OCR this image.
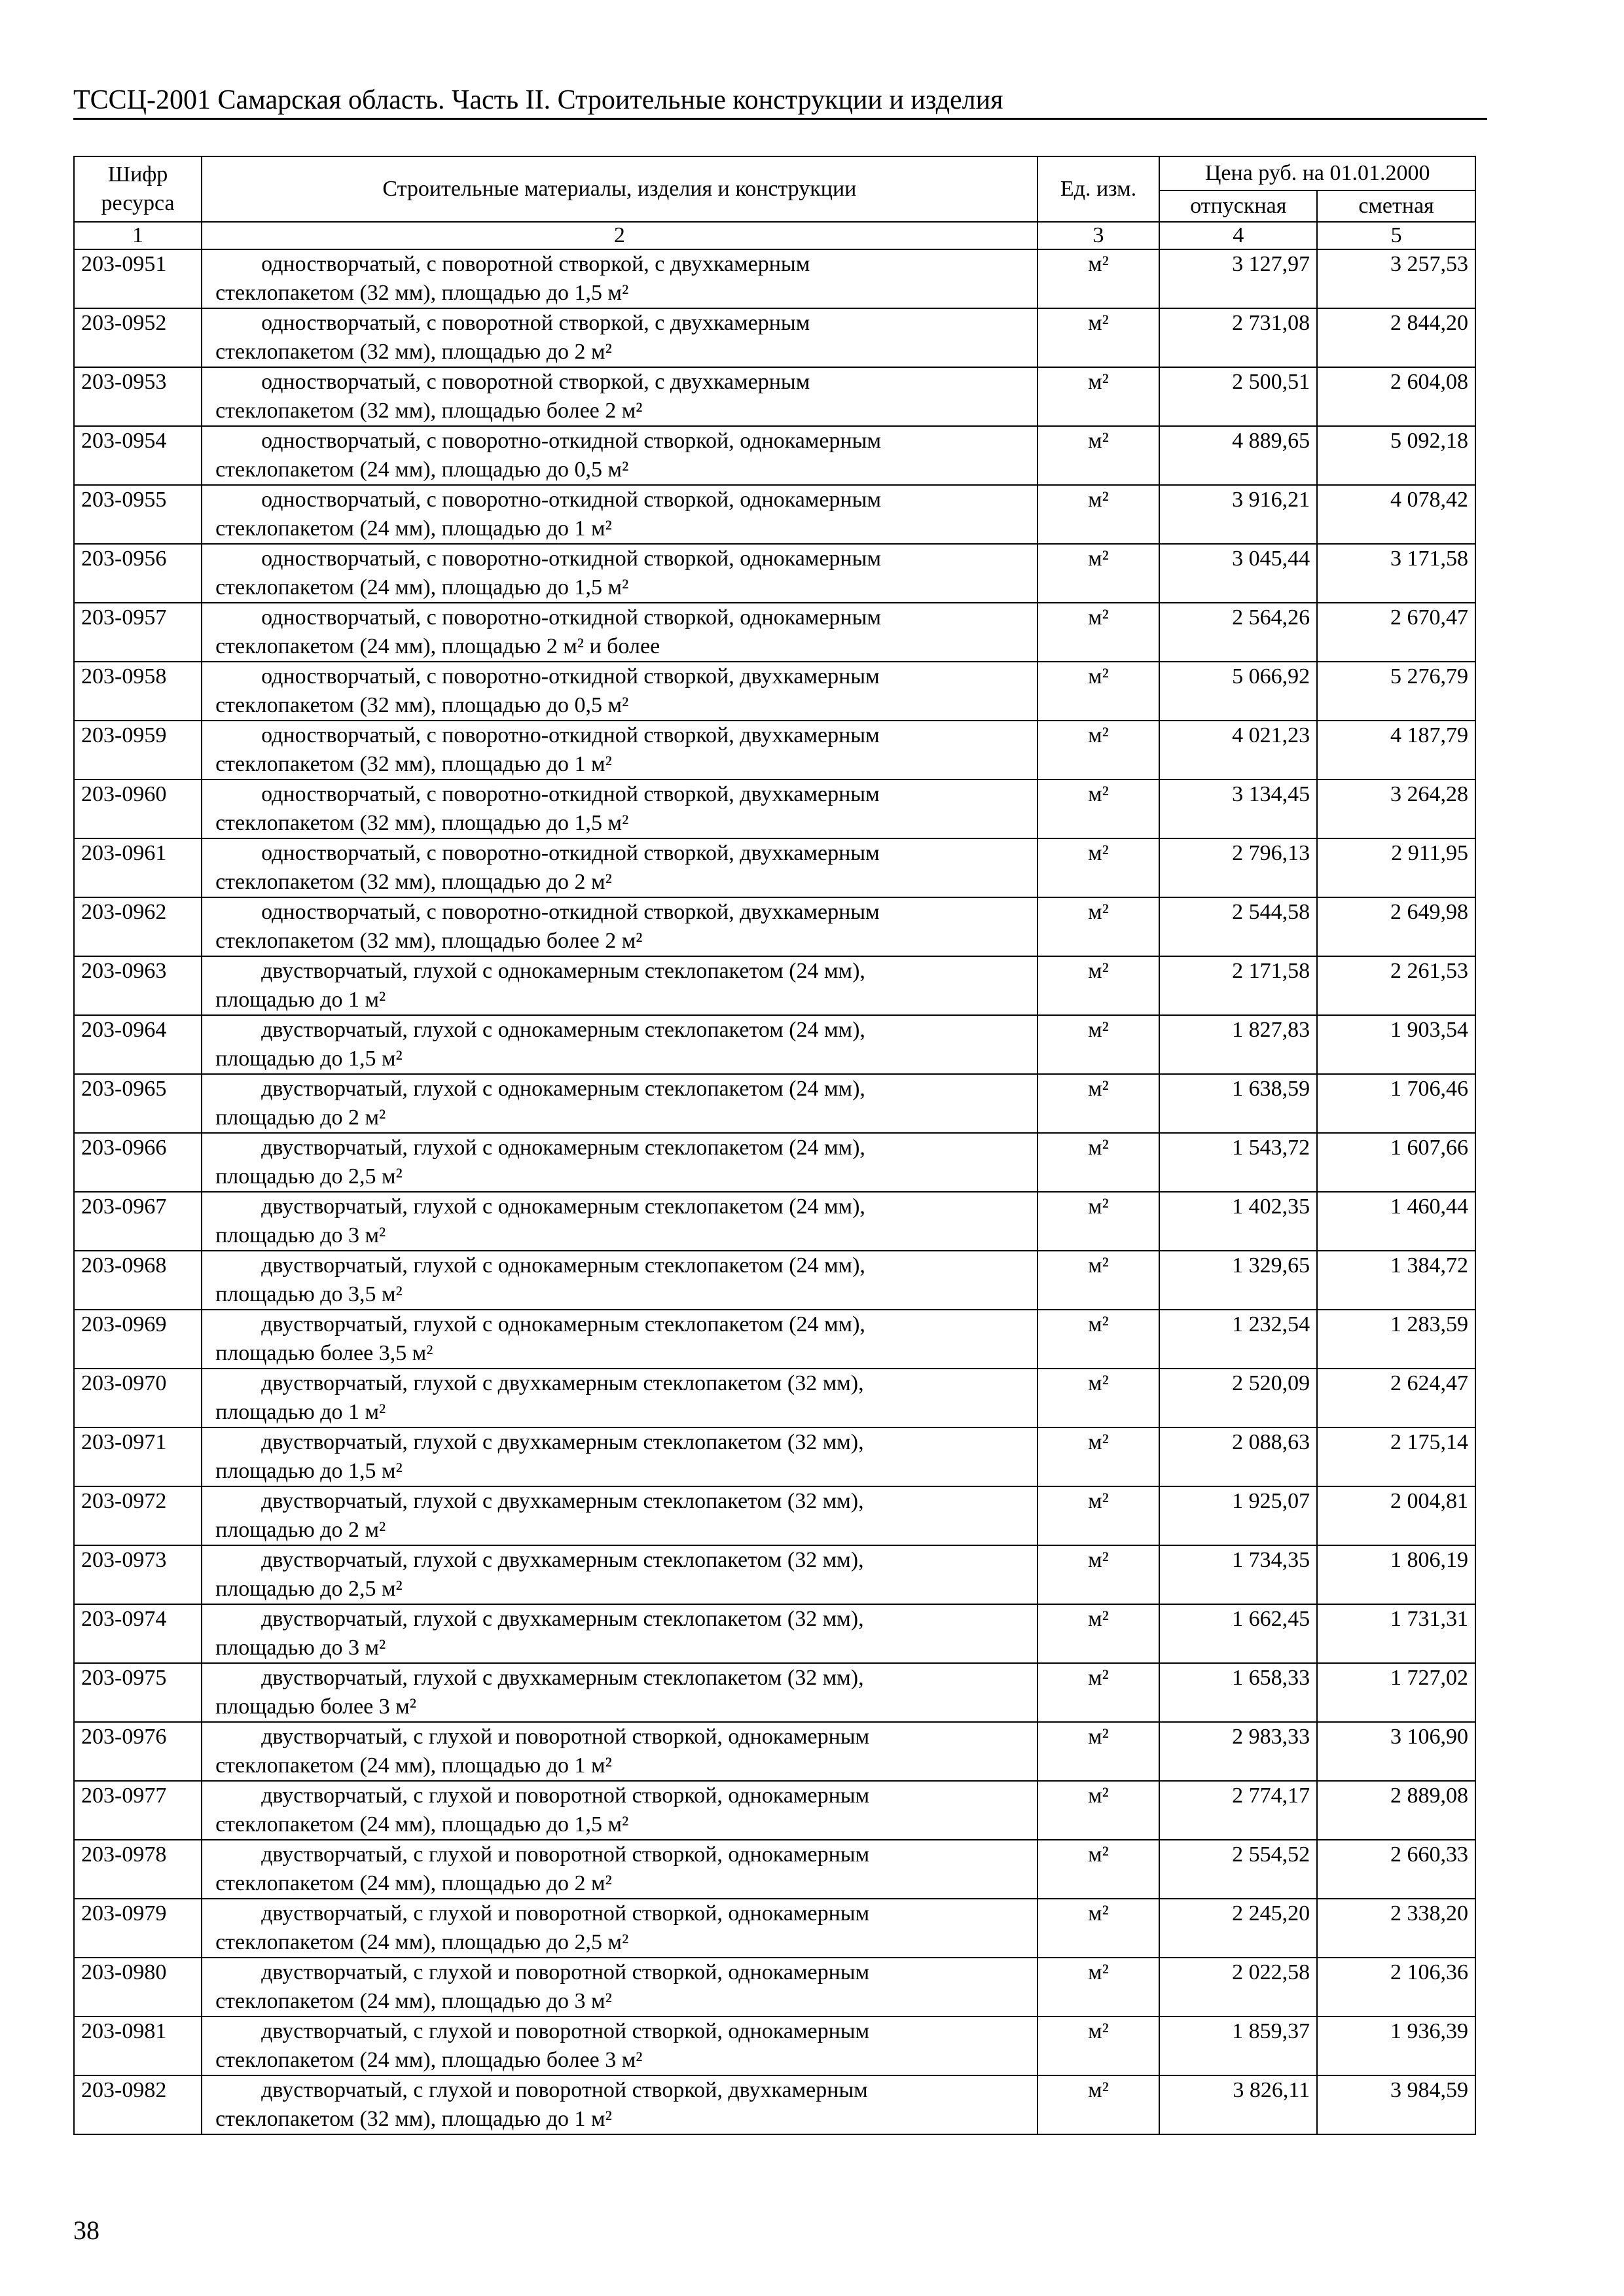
ТССЦ-2001 Самарская область. Часть II. Строительные конструкции и изделия
Шифр ресурса	Строительные материалы, изделия и конструкции	Ед. изм.	Цена руб. на 01.01.2000	
			отпускная	сметная
1	2	3	4	5
203-0951	одностворчатый, с поворотной створкой, с двухкамерным
стеклопакетом (32 мм), площадью до 1,5 м²	м²	3 127,97	3 257,53
203-0952	одностворчатый, с поворотной створкой, с двухкамерным
стеклопакетом (32 мм), площадью до 2 м²	м²	2 731,08	2 844,20
203-0953	одностворчатый, с поворотной створкой, с двухкамерным
стеклопакетом (32 мм), площадью более 2 м²	м²	2 500,51	2 604,08
203-0954	одностворчатый, с поворотно-откидной створкой, однокамерным
стеклопакетом (24 мм), площадью до 0,5 м²	м²	4 889,65	5 092,18
203-0955	одностворчатый, с поворотно-откидной створкой, однокамерным
стеклопакетом (24 мм), площадью до 1 м²	м²	3 916,21	4 078,42
203-0956	одностворчатый, с поворотно-откидной створкой, однокамерным
стеклопакетом (24 мм), площадью до 1,5 м²	м²	3 045,44	3 171,58
203-0957	одностворчатый, с поворотно-откидной створкой, однокамерным
стеклопакетом (24 мм), площадью 2 м² и более	м²	2 564,26	2 670,47
203-0958	одностворчатый, с поворотно-откидной створкой, двухкамерным
стеклопакетом (32 мм), площадью до 0,5 м²	м²	5 066,92	5 276,79
203-0959	одностворчатый, с поворотно-откидной створкой, двухкамерным
стеклопакетом (32 мм), площадью до 1 м²	м²	4 021,23	4 187,79
203-0960	одностворчатый, с поворотно-откидной створкой, двухкамерным
стеклопакетом (32 мм), площадью до 1,5 м²	м²	3 134,45	3 264,28
203-0961	одностворчатый, с поворотно-откидной створкой, двухкамерным
стеклопакетом (32 мм), площадью до 2 м²	м²	2 796,13	2 911,95
203-0962	одностворчатый, с поворотно-откидной створкой, двухкамерным
стеклопакетом (32 мм), площадью более 2 м²	м²	2 544,58	2 649,98
203-0963	двустворчатый, глухой с однокамерным стеклопакетом (24 мм),
площадью до 1 м²	м²	2 171,58	2 261,53
203-0964	двустворчатый, глухой с однокамерным стеклопакетом (24 мм),
площадью до 1,5 м²	м²	1 827,83	1 903,54
203-0965	двустворчатый, глухой с однокамерным стеклопакетом (24 мм),
площадью до 2 м²	м²	1 638,59	1 706,46
203-0966	двустворчатый, глухой с однокамерным стеклопакетом (24 мм),
площадью до 2,5 м²	м²	1 543,72	1 607,66
203-0967	двустворчатый, глухой с однокамерным стеклопакетом (24 мм),
площадью до 3 м²	м²	1 402,35	1 460,44
203-0968	двустворчатый, глухой с однокамерным стеклопакетом (24 мм),
площадью до 3,5 м²	м²	1 329,65	1 384,72
203-0969	двустворчатый, глухой с однокамерным стеклопакетом (24 мм),
площадью более 3,5 м²	м²	1 232,54	1 283,59
203-0970	двустворчатый, глухой с двухкамерным стеклопакетом (32 мм),
площадью до 1 м²	м²	2 520,09	2 624,47
203-0971	двустворчатый, глухой с двухкамерным стеклопакетом (32 мм),
площадью до 1,5 м²	м²	2 088,63	2 175,14
203-0972	двустворчатый, глухой с двухкамерным стеклопакетом (32 мм),
площадью до 2 м²	м²	1 925,07	2 004,81
203-0973	двустворчатый, глухой с двухкамерным стеклопакетом (32 мм),
площадью до 2,5 м²	м²	1 734,35	1 806,19
203-0974	двустворчатый, глухой с двухкамерным стеклопакетом (32 мм),
площадью до 3 м²	м²	1 662,45	1 731,31
203-0975	двустворчатый, глухой с двухкамерным стеклопакетом (32 мм),
площадью более 3 м²	м²	1 658,33	1 727,02
203-0976	двустворчатый, с глухой и поворотной створкой, однокамерным
стеклопакетом (24 мм), площадью до 1 м²	м²	2 983,33	3 106,90
203-0977	двустворчатый, с глухой и поворотной створкой, однокамерным
стеклопакетом (24 мм), площадью до 1,5 м²	м²	2 774,17	2 889,08
203-0978	двустворчатый, с глухой и поворотной створкой, однокамерным
стеклопакетом (24 мм), площадью до 2 м²	м²	2 554,52	2 660,33
203-0979	двустворчатый, с глухой и поворотной створкой, однокамерным
стеклопакетом (24 мм), площадью до 2,5 м²	м²	2 245,20	2 338,20
203-0980	двустворчатый, с глухой и поворотной створкой, однокамерным
стеклопакетом (24 мм), площадью до 3 м²	м²	2 022,58	2 106,36
203-0981	двустворчатый, с глухой и поворотной створкой, однокамерным
стеклопакетом (24 мм), площадью более 3 м²	м²	1 859,37	1 936,39
203-0982	двустворчатый, с глухой и поворотной створкой, двухкамерным
стеклопакетом (32 мм), площадью до 1 м²	м²	3 826,11	3 984,59
38
